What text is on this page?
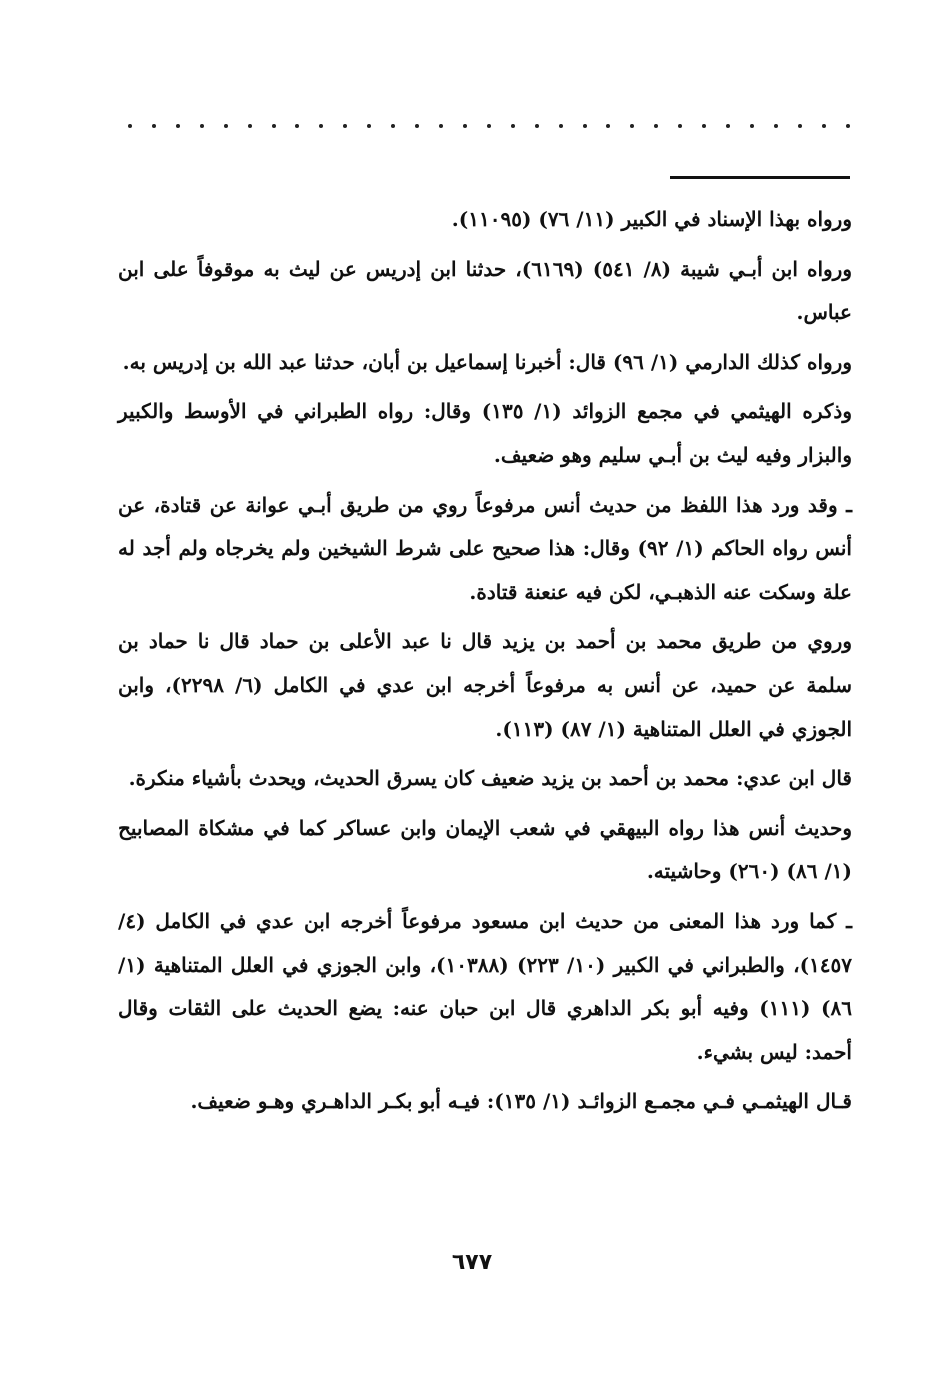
ورواه بهذا الإسناد في الكبير (١١/ ٧٦) (١١٠٩٥).

ورواه ابن أبـي شيبة (٨/ ٥٤١) (٦١٦٩)، حدثنا ابن إدريس عن ليث به موقوفاً على ابن عباس.

ورواه كذلك الدارمي (١/ ٩٦) قال: أخبرنا إسماعيل بن أبان، حدثنا عبد الله بن إدريس به.

وذكره الهيثمي في مجمع الزوائد (١/ ١٣٥) وقال: رواه الطبراني في الأوسط والكبير والبزار وفيه ليث بن أبـي سليم وهو ضعيف.

ـ وقد ورد هذا اللفظ من حديث أنس مرفوعاً روي من طريق أبـي عوانة عن قتادة، عن أنس رواه الحاكم (١/ ٩٢) وقال: هذا صحيح على شرط الشيخين ولم يخرجاه ولم أجد له علة وسكت عنه الذهبـي، لكن فيه عنعنة قتادة.

وروي من طريق محمد بن أحمد بن يزيد قال نا عبد الأعلى بن حماد قال نا حماد بن سلمة عن حميد، عن أنس به مرفوعاً أخرجه ابن عدي في الكامل (٦/ ٢٢٩٨)، وابن الجوزي في العلل المتناهية (١/ ٨٧) (١١٣).

قال ابن عدي: محمد بن أحمد بن يزيد ضعيف كان يسرق الحديث، ويحدث بأشياء منكرة.

وحديث أنس هذا رواه البيهقي في شعب الإيمان وابن عساكر كما في مشكاة المصابيح (١/ ٨٦) (٢٦٠) وحاشيته.

ـ كما ورد هذا المعنى من حديث ابن مسعود مرفوعاً أخرجه ابن عدي في الكامل (٤/ ١٤٥٧)، والطبراني في الكبير (١٠/ ٢٢٣) (١٠٣٨٨)، وابن الجوزي في العلل المتناهية (١/ ٨٦) (١١١) وفيه أبو بكر الداهري قال ابن حبان عنه: يضع الحديث على الثقات وقال أحمد: ليس بشيء.

قـال الهيثمـي فـي مجمـع الزوائـد (١/ ١٣٥): فيـه أبو بكـر الداهـري وهـو ضعيف.

٦٧٧
